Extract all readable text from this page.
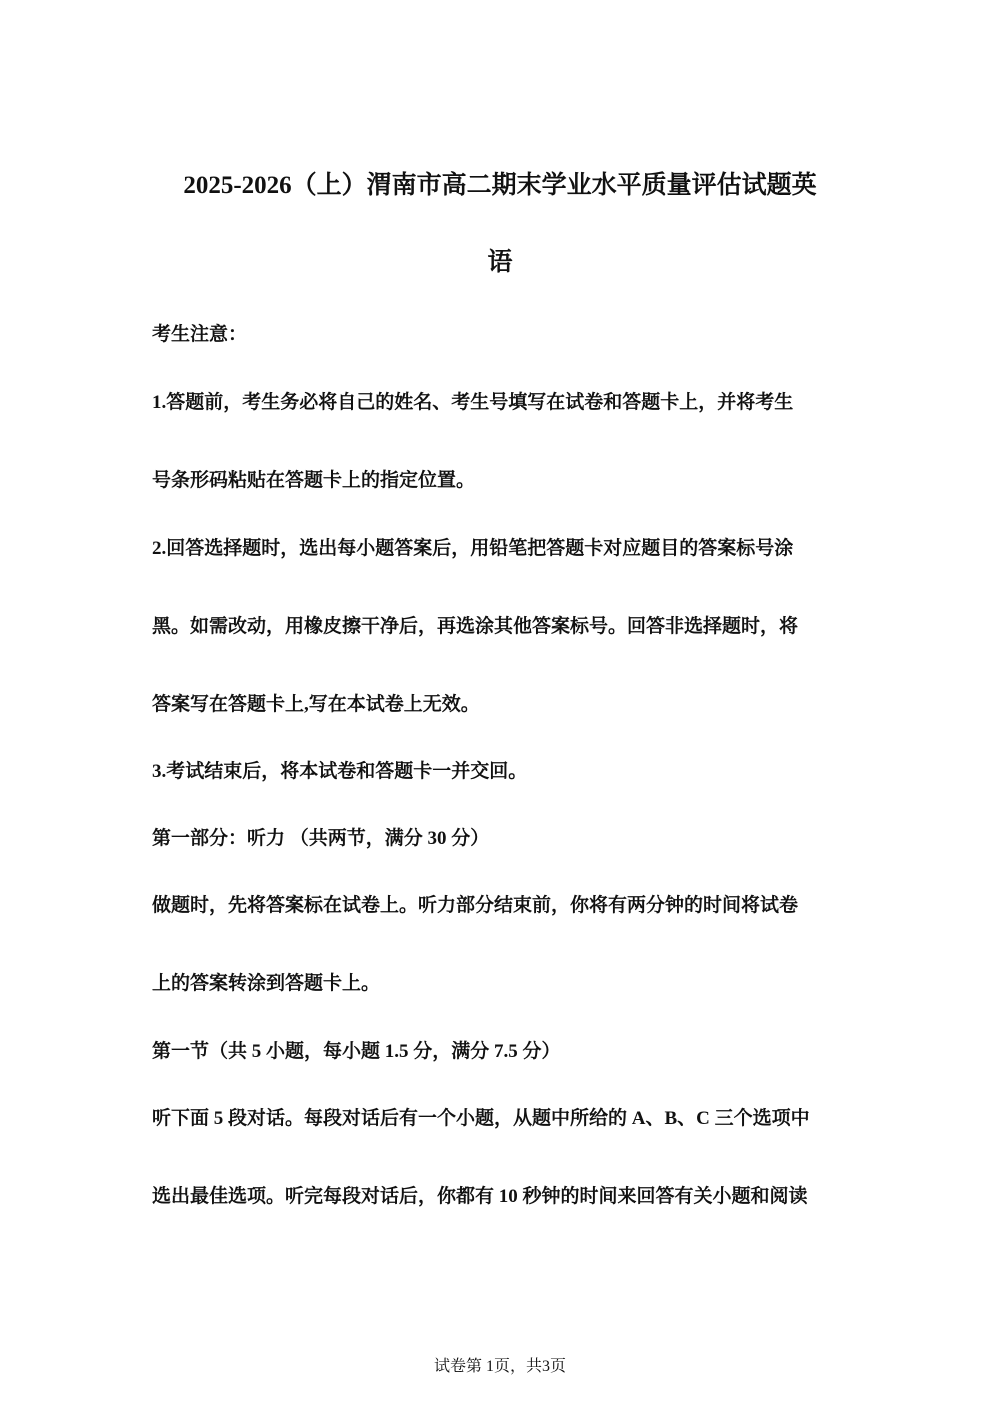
2025-2026（上）渭南市高二期末学业水平质量评估试题英
语

考生注意：

1.答题前，考生务必将自己的姓名、考生号填写在试卷和答题卡上，并将考生

号条形码粘贴在答题卡上的指定位置。

2.回答选择题时，选出每小题答案后，用铅笔把答题卡对应题目的答案标号涂

黑。如需改动，用橡皮擦干净后，再选涂其他答案标号。回答非选择题时，将

答案写在答题卡上,写在本试卷上无效。

3.考试结束后，将本试卷和答题卡一并交回。

第一部分：听力 （共两节，满分 30 分）

做题时，先将答案标在试卷上。听力部分结束前，你将有两分钟的时间将试卷

上的答案转涂到答题卡上。

第一节（共 5 小题，每小题 1.5 分，满分 7.5 分）

听下面 5 段对话。每段对话后有一个小题，从题中所给的 A、B、C 三个选项中

选出最佳选项。听完每段对话后，你都有 10 秒钟的时间来回答有关小题和阅读

试卷第 1页，共3页
